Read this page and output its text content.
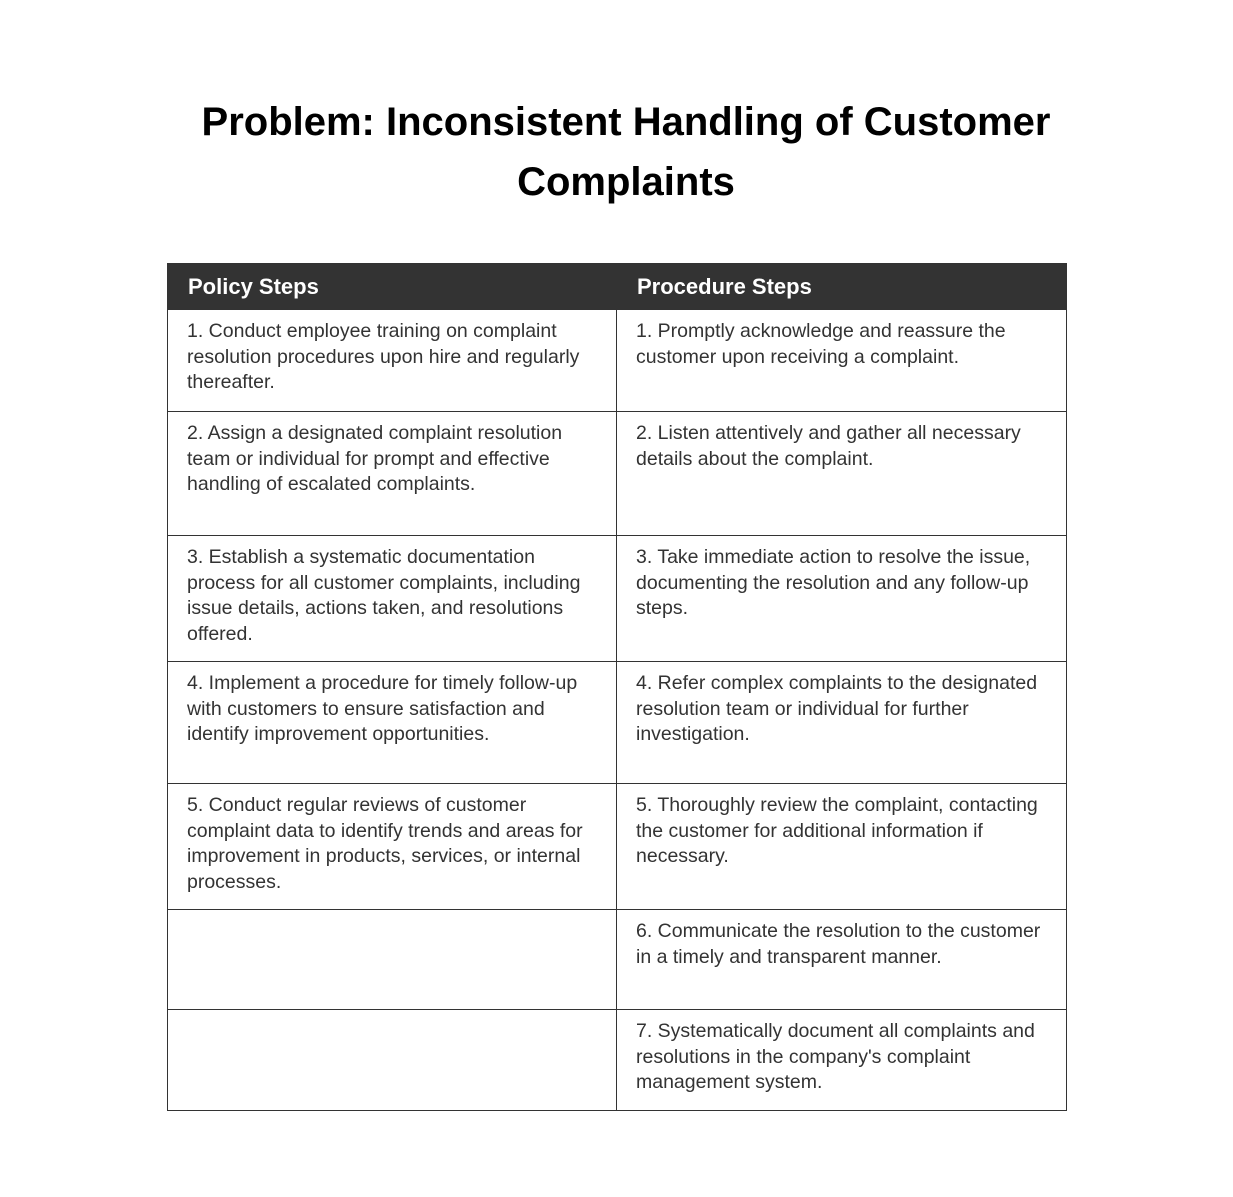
Problem: Inconsistent Handling of Customer Complaints
Policy Steps	Procedure Steps
1. Conduct employee training on complaint resolution procedures upon hire and regularly thereafter.	1. Promptly acknowledge and reassure the customer upon receiving a complaint.
2. Assign a designated complaint resolution team or individual for prompt and effective handling of escalated complaints.	2. Listen attentively and gather all necessary details about the complaint.
3. Establish a systematic documentation process for all customer complaints, including issue details, actions taken, and resolutions offered.	3. Take immediate action to resolve the issue, documenting the resolution and any follow-up steps.
4. Implement a procedure for timely follow-up with customers to ensure satisfaction and identify improvement opportunities.	4. Refer complex complaints to the designated resolution team or individual for further investigation.
5. Conduct regular reviews of customer complaint data to identify trends and areas for improvement in products, services, or internal processes.	5. Thoroughly review the complaint, contacting the customer for additional information if necessary.
	6. Communicate the resolution to the customer in a timely and transparent manner.
	7. Systematically document all complaints and resolutions in the company's complaint management system.
